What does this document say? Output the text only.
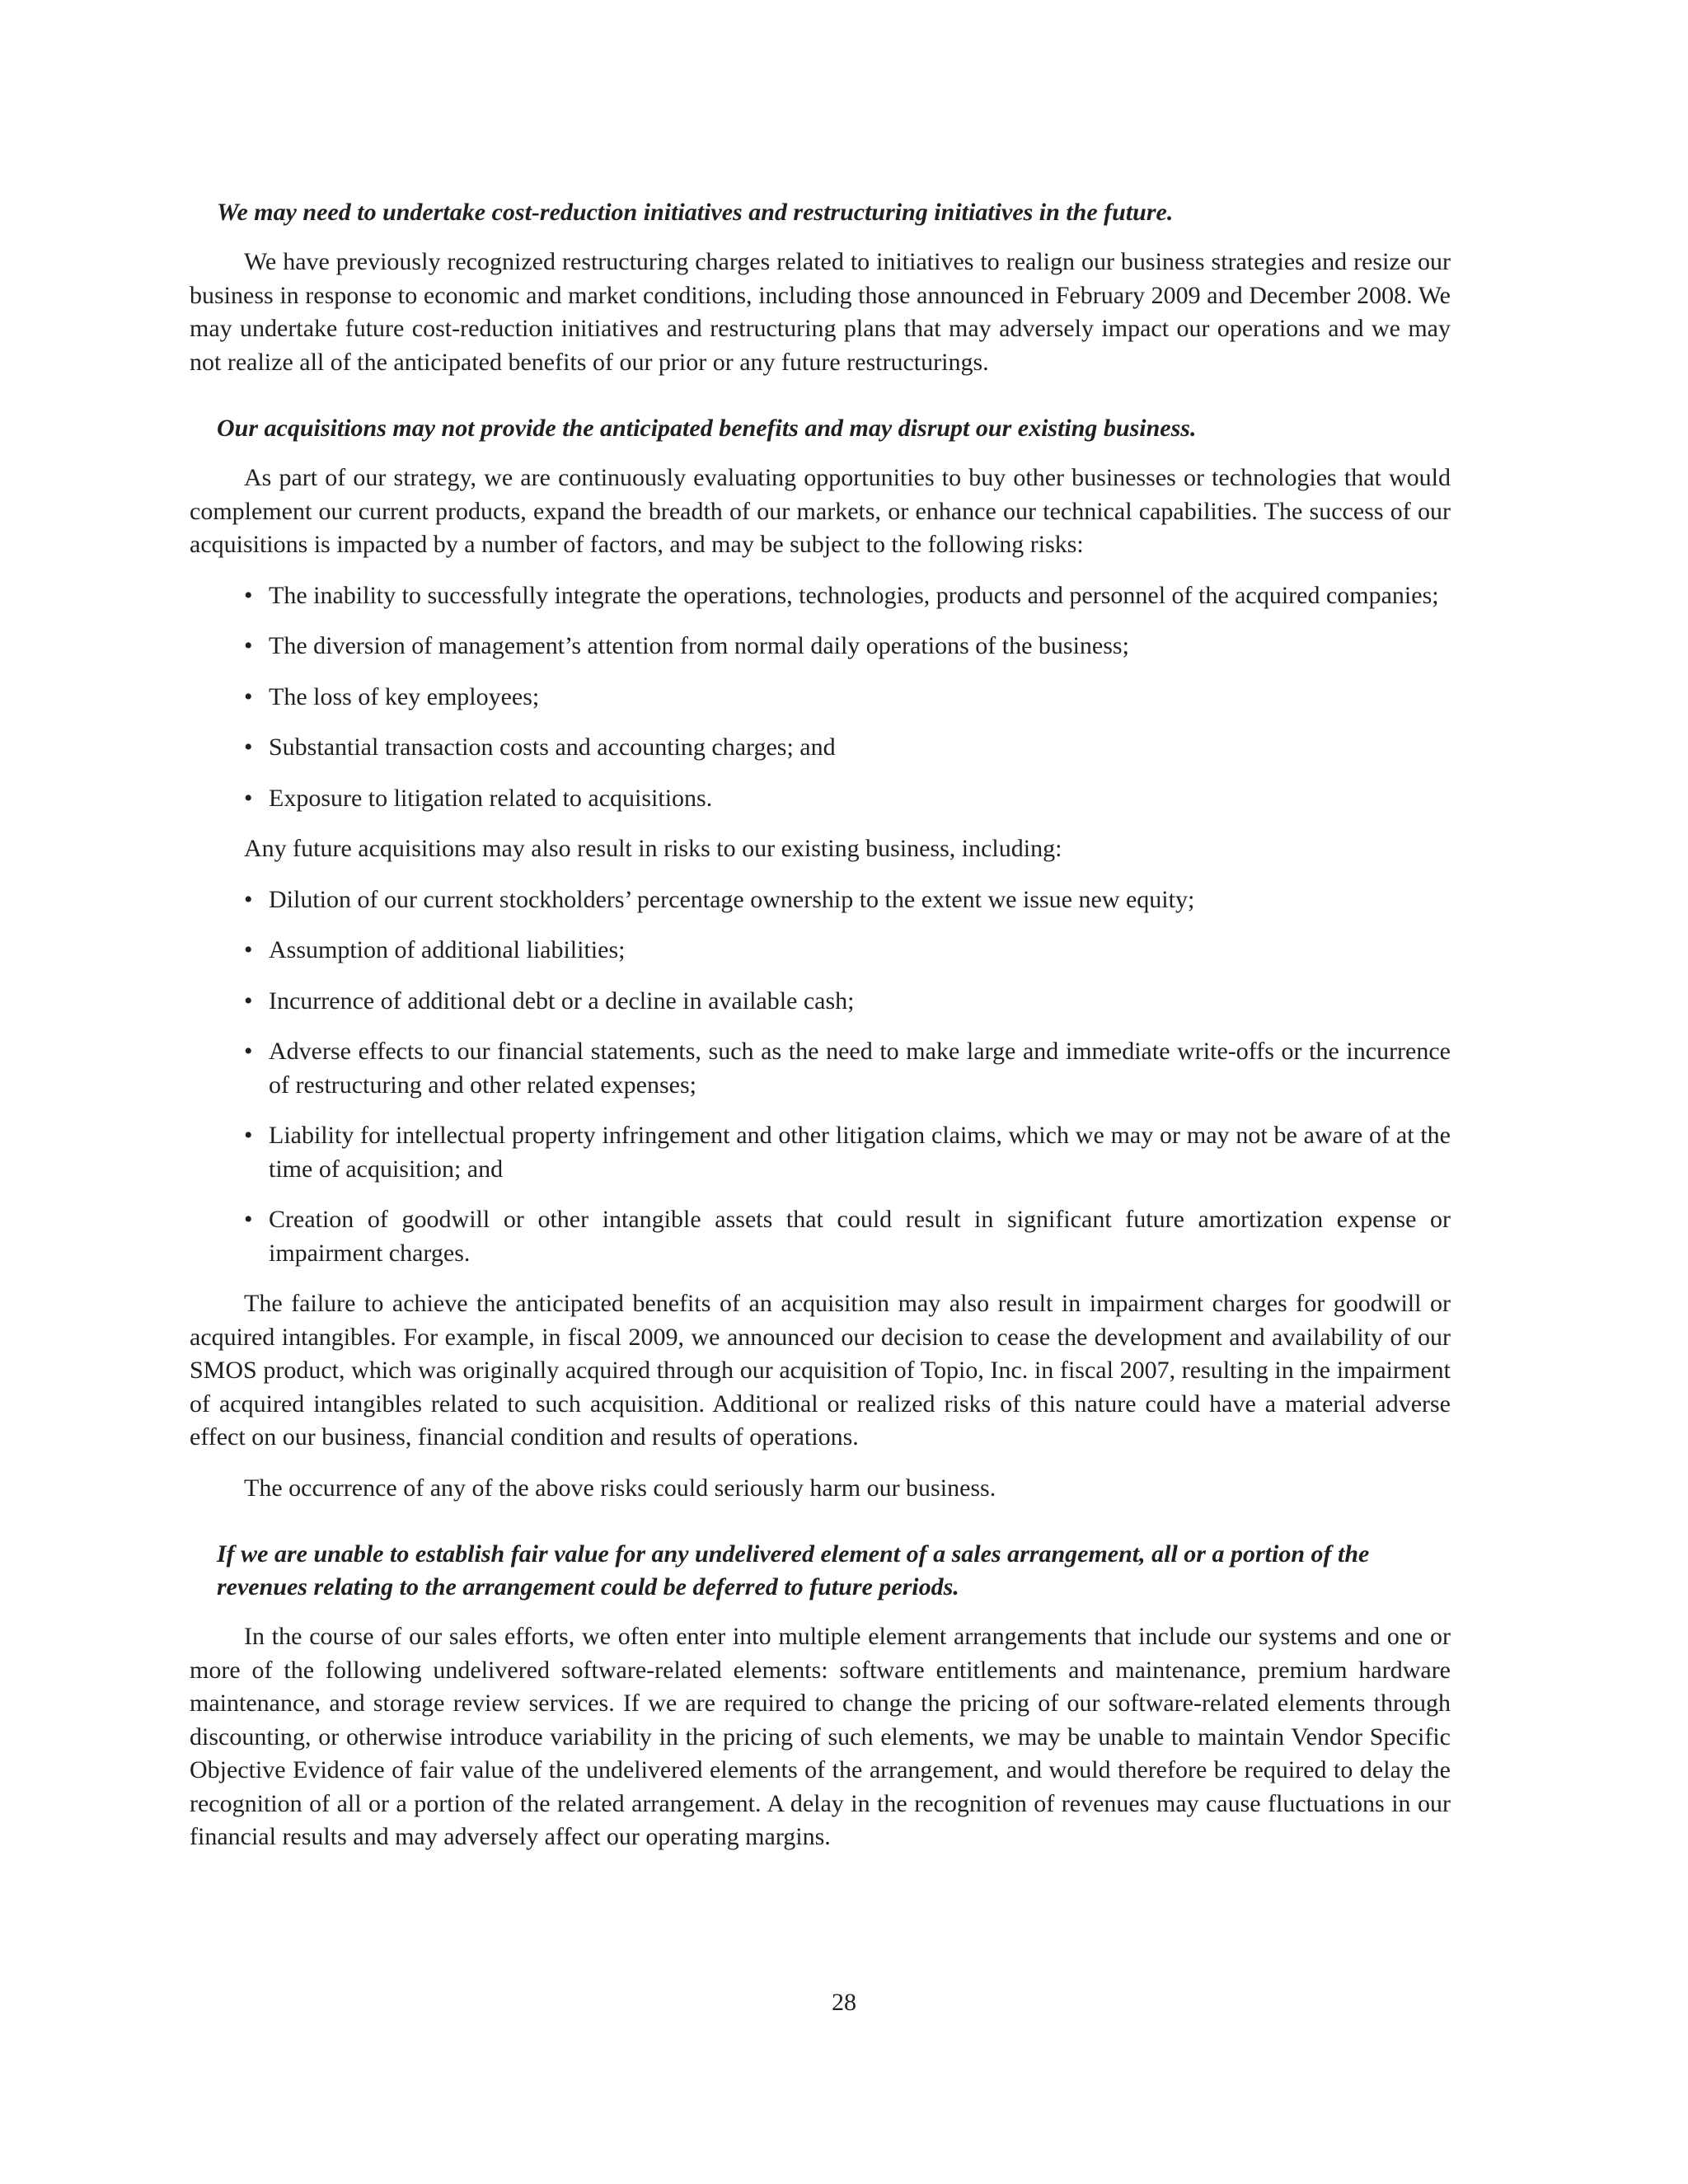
We may need to undertake cost-reduction initiatives and restructuring initiatives in the future.

We have previously recognized restructuring charges related to initiatives to realign our business strategies and resize our business in response to economic and market conditions, including those announced in February 2009 and December 2008. We may undertake future cost-reduction initiatives and restructuring plans that may adversely impact our operations and we may not realize all of the anticipated benefits of our prior or any future restructurings.

Our acquisitions may not provide the anticipated benefits and may disrupt our existing business.

As part of our strategy, we are continuously evaluating opportunities to buy other businesses or technologies that would complement our current products, expand the breadth of our markets, or enhance our technical capabilities. The success of our acquisitions is impacted by a number of factors, and may be subject to the following risks:

• The inability to successfully integrate the operations, technologies, products and personnel of the acquired companies;
• The diversion of management’s attention from normal daily operations of the business;
• The loss of key employees;
• Substantial transaction costs and accounting charges; and
• Exposure to litigation related to acquisitions.

Any future acquisitions may also result in risks to our existing business, including:

• Dilution of our current stockholders’ percentage ownership to the extent we issue new equity;
• Assumption of additional liabilities;
• Incurrence of additional debt or a decline in available cash;
• Adverse effects to our financial statements, such as the need to make large and immediate write-offs or the incurrence of restructuring and other related expenses;
• Liability for intellectual property infringement and other litigation claims, which we may or may not be aware of at the time of acquisition; and
• Creation of goodwill or other intangible assets that could result in significant future amortization expense or impairment charges.

The failure to achieve the anticipated benefits of an acquisition may also result in impairment charges for goodwill or acquired intangibles. For example, in fiscal 2009, we announced our decision to cease the development and availability of our SMOS product, which was originally acquired through our acquisition of Topio, Inc. in fiscal 2007, resulting in the impairment of acquired intangibles related to such acquisition. Additional or realized risks of this nature could have a material adverse effect on our business, financial condition and results of operations.

The occurrence of any of the above risks could seriously harm our business.

If we are unable to establish fair value for any undelivered element of a sales arrangement, all or a portion of the revenues relating to the arrangement could be deferred to future periods.

In the course of our sales efforts, we often enter into multiple element arrangements that include our systems and one or more of the following undelivered software-related elements: software entitlements and maintenance, premium hardware maintenance, and storage review services. If we are required to change the pricing of our software-related elements through discounting, or otherwise introduce variability in the pricing of such elements, we may be unable to maintain Vendor Specific Objective Evidence of fair value of the undelivered elements of the arrangement, and would therefore be required to delay the recognition of all or a portion of the related arrangement. A delay in the recognition of revenues may cause fluctuations in our financial results and may adversely affect our operating margins.

28
